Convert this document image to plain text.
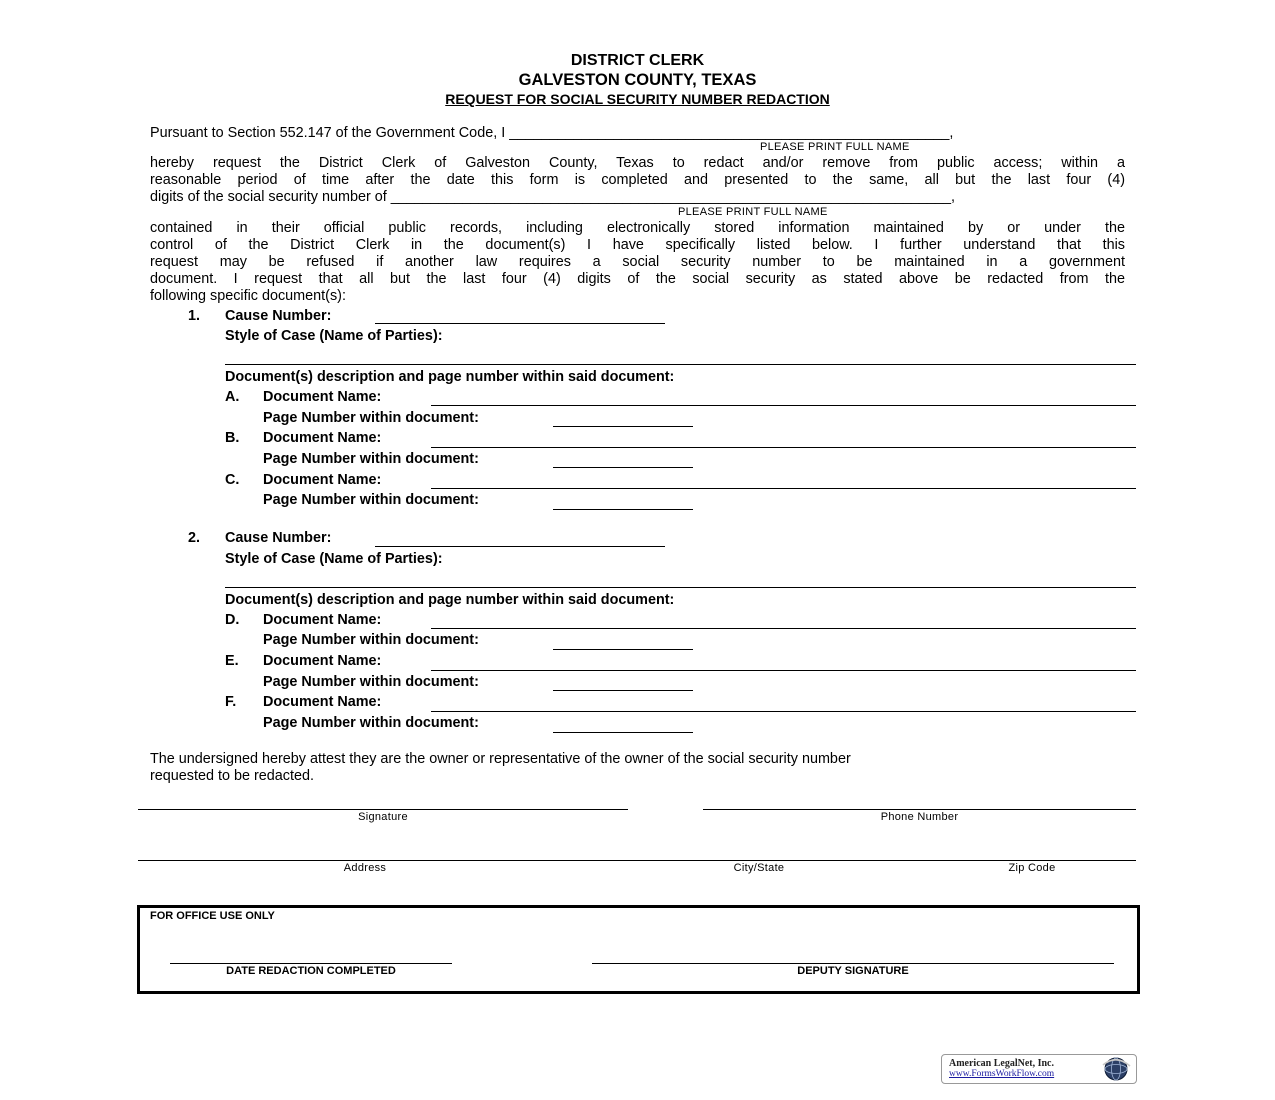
DISTRICT CLERK
GALVESTON COUNTY, TEXAS
REQUEST FOR SOCIAL SECURITY NUMBER REDACTION
Pursuant to Section 552.147 of the Government Code, I _______________________________________________________,
PLEASE PRINT FULL NAME
hereby request the District Clerk of Galveston County, Texas to redact and/or remove from public access; within a
reasonable period of time after the date this form is completed and presented to the same, all but the last four (4)
digits of the social security number of ______________________________________________________________________,
PLEASE PRINT FULL NAME
contained in their official public records, including electronically stored information maintained by or under the
control of the District Clerk in the document(s) I have specifically listed below. I further understand that this
request may be refused if another law requires a social security number to be maintained in a government
document. I request that all but the last four (4) digits of the social security as stated above be redacted from the
following specific document(s):
1. Cause Number:
Style of Case (Name of Parties):
Document(s) description and page number within said document:
A. Document Name:
Page Number within document:
B. Document Name:
Page Number within document:
C. Document Name:
Page Number within document:
2. Cause Number:
Style of Case (Name of Parties):
Document(s) description and page number within said document:
D. Document Name:
Page Number within document:
E. Document Name:
Page Number within document:
F. Document Name:
Page Number within document:
The undersigned hereby attest they are the owner or representative of the owner of the social security number
requested to be redacted.
Signature	Phone Number
Address	City/State	Zip Code
FOR OFFICE USE ONLY
DATE REDACTION COMPLETED	DEPUTY SIGNATURE
American LegalNet, Inc.
www.FormsWorkFlow.com
